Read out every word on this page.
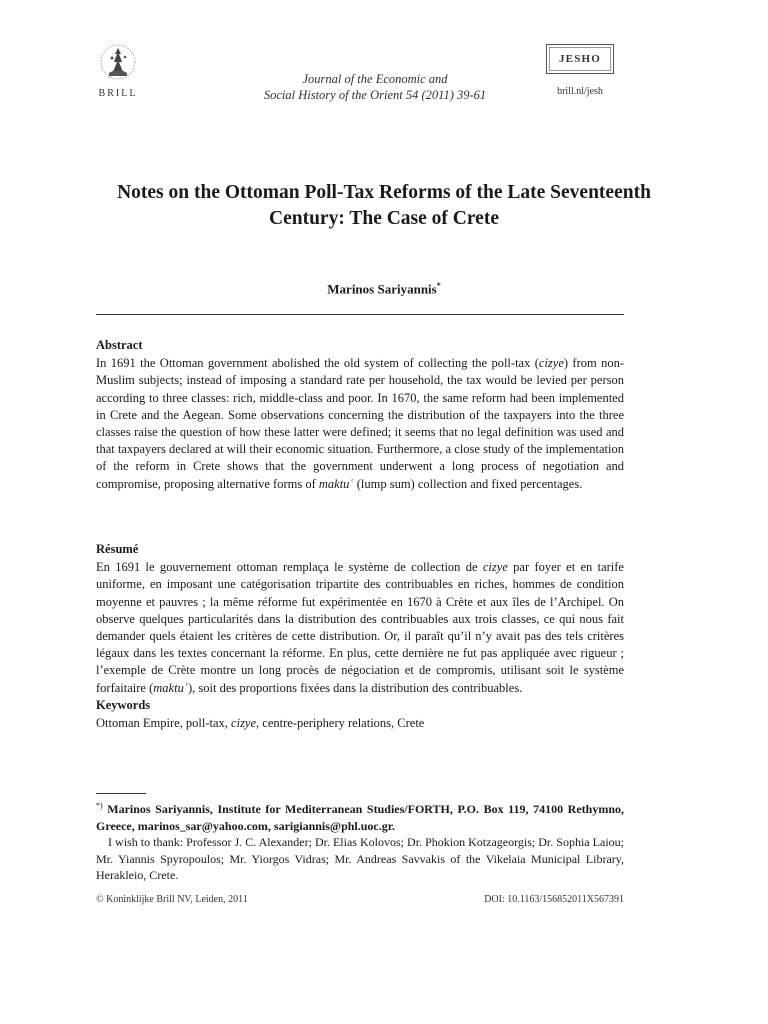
BRILL
Journal of the Economic and
Social History of the Orient 54 (2011) 39-61
JESHO
brill.nl/jesh
Notes on the Ottoman Poll-Tax Reforms of the Late Seventeenth Century: The Case of Crete
Marinos Sariyannis*
Abstract

In 1691 the Ottoman government abolished the old system of collecting the poll-tax (cizye) from non-Muslim subjects; instead of imposing a standard rate per household, the tax would be levied per person according to three classes: rich, middle-class and poor. In 1670, the same reform had been implemented in Crete and the Aegean. Some observations concerning the distribution of the taxpayers into the three classes raise the question of how these latter were defined; it seems that no legal definition was used and that taxpayers declared at will their economic situation. Furthermore, a close study of the implementation of the reform in Crete shows that the government underwent a long process of negotiation and compromise, proposing alternative forms of maktuʿ (lump sum) collection and fixed percentages.

Résumé

En 1691 le gouvernement ottoman remplaça le système de collection de cizye par foyer et en tarife uniforme, en imposant une catégorisation tripartite des contribuables en riches, hommes de condition moyenne et pauvres ; la même réforme fut expérimentée en 1670 à Crète et aux îles de l’Archipel. On observe quelques particularités dans la distribution des contribuables aux trois classes, ce qui nous fait demander quels étaient les critères de cette distribution. Or, il paraît qu’il n’y avait pas des tels critères légaux dans les textes concernant la réforme. En plus, cette dernière ne fut pas appliquée avec rigueur ; l’exemple de Crète montre un long procès de négociation et de compromis, utilisant soit le système forfaitaire (maktuʿ), soit des proportions fixées dans la distribution des contribuables.

Keywords

Ottoman Empire, poll-tax, cizye, centre-periphery relations, Crete

*) Marinos Sariyannis, Institute for Mediterranean Studies/FORTH, P.O. Box 119, 74100 Rethymno, Greece, marinos_sar@yahoo.com, sarigiannis@phl.uoc.gr.

I wish to thank: Professor J. C. Alexander; Dr. Elias Kolovos; Dr. Phokion Kotzageorgis; Dr. Sophia Laiou; Mr. Yiannis Spyropoulos; Mr. Yiorgos Vidras; Mr. Andreas Savvakis of the Vikelaia Municipal Library, Herakleio, Crete.

© Koninklijke Brill NV, Leiden, 2011	DOI: 10.1163/156852011X567391
